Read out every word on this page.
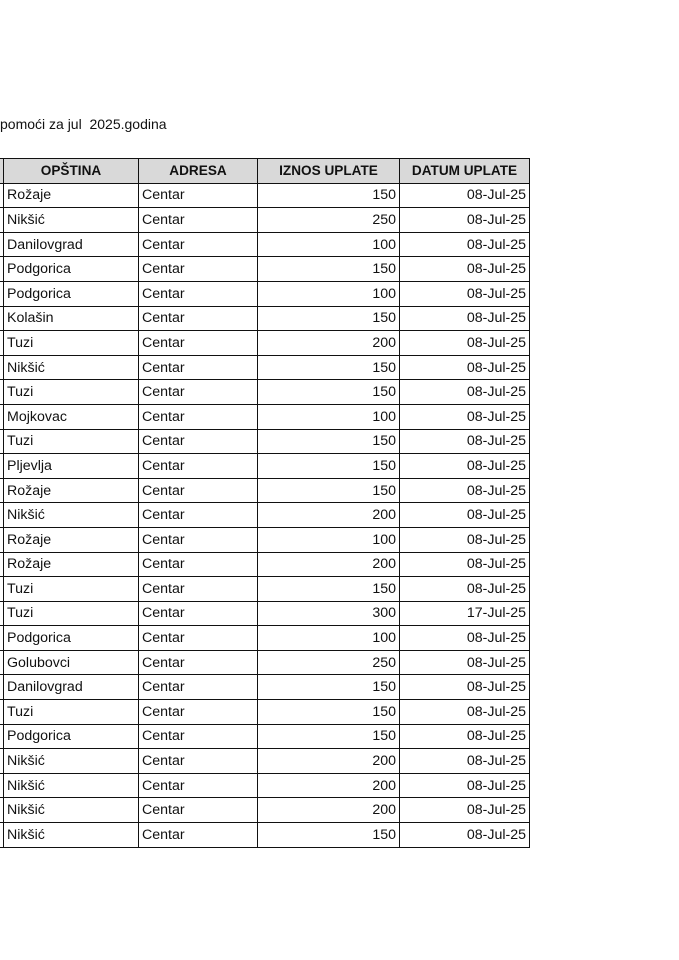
pomoći za jul  2025.godina
	OPŠTINA	ADRESA	IZNOS UPLATE	DATUM UPLATE
	Rožaje	Centar	150	08-Jul-25
	Nikšić	Centar	250	08-Jul-25
	Danilovgrad	Centar	100	08-Jul-25
	Podgorica	Centar	150	08-Jul-25
	Podgorica	Centar	100	08-Jul-25
	Kolašin	Centar	150	08-Jul-25
	Tuzi	Centar	200	08-Jul-25
	Nikšić	Centar	150	08-Jul-25
	Tuzi	Centar	150	08-Jul-25
	Mojkovac	Centar	100	08-Jul-25
	Tuzi	Centar	150	08-Jul-25
	Pljevlja	Centar	150	08-Jul-25
	Rožaje	Centar	150	08-Jul-25
	Nikšić	Centar	200	08-Jul-25
	Rožaje	Centar	100	08-Jul-25
	Rožaje	Centar	200	08-Jul-25
	Tuzi	Centar	150	08-Jul-25
	Tuzi	Centar	300	17-Jul-25
	Podgorica	Centar	100	08-Jul-25
	Golubovci	Centar	250	08-Jul-25
	Danilovgrad	Centar	150	08-Jul-25
	Tuzi	Centar	150	08-Jul-25
	Podgorica	Centar	150	08-Jul-25
	Nikšić	Centar	200	08-Jul-25
	Nikšić	Centar	200	08-Jul-25
	Nikšić	Centar	200	08-Jul-25
	Nikšić	Centar	150	08-Jul-25
